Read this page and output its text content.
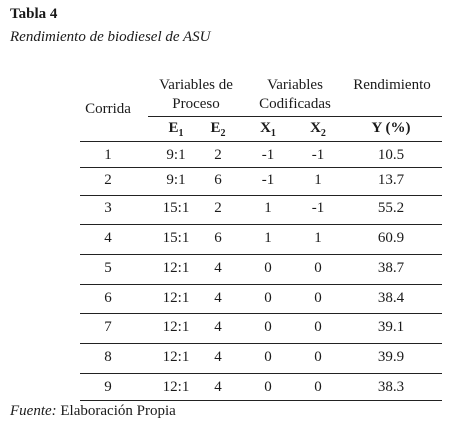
Tabla 4
Rendimiento de biodiesel de ASU
Corrida
Variables de
Proceso
Variables
Codificadas
Rendimiento
$E_1$	$E_2$	$X_1$	$X_2$	Y (%)
1	9:1	2	-1	-1	10.5
2	9:1	6	-1	1	13.7
3	15:1	2	1	-1	55.2
4	15:1	6	1	1	60.9
5	12:1	4	0	0	38.7
6	12:1	4	0	0	38.4
7	12:1	4	0	0	39.1
8	12:1	4	0	0	39.9
9	12:1	4	0	0	38.3
Fuente: Elaboración Propia
